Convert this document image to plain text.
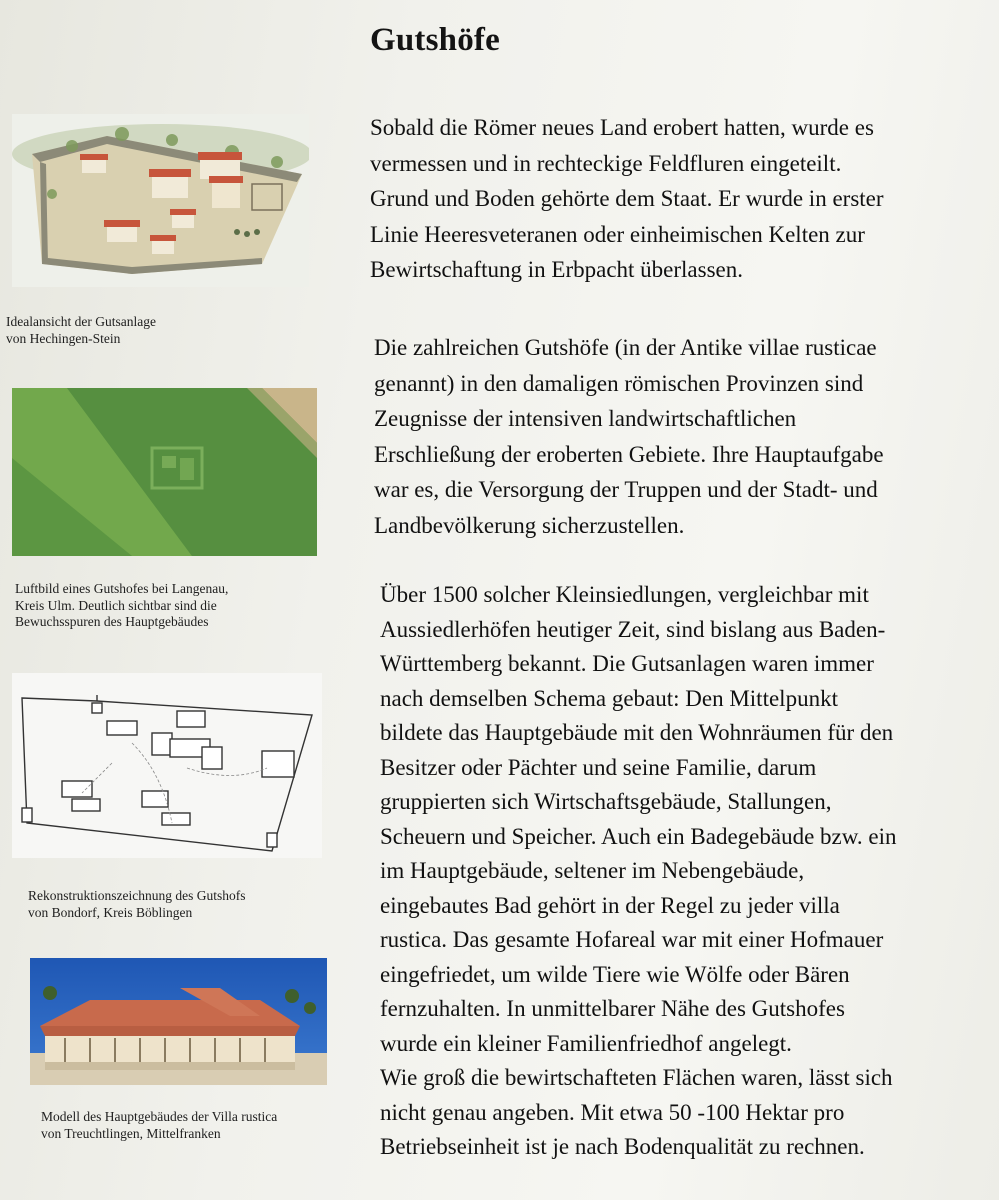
Gutshöfe
Idealansicht der Gutsanlage
von Hechingen-Stein
Luftbild eines Gutshofes bei Langenau,
Kreis Ulm. Deutlich sichtbar sind die
Bewuchsspuren des Hauptgebäudes
Rekonstruktionszeichnung des Gutshofs
von Bondorf, Kreis Böblingen
Modell des Hauptgebäudes der Villa rustica
von Treuchtlingen, Mittelfranken
Sobald die Römer neues Land erobert hatten, wurde es
vermessen und in rechteckige Feldfluren eingeteilt.
Grund und Boden gehörte dem Staat. Er wurde in erster
Linie Heeresveteranen oder einheimischen Kelten zur
Bewirtschaftung in Erbpacht überlassen.
Die zahlreichen Gutshöfe (in der Antike villae rusticae
genannt) in den damaligen römischen Provinzen sind
Zeugnisse der intensiven landwirtschaftlichen
Erschließung der eroberten Gebiete. Ihre Hauptaufgabe
war es, die Versorgung der Truppen und der Stadt- und
Landbevölkerung sicherzustellen.
Über 1500 solcher Kleinsiedlungen, vergleichbar mit
Aussiedlerhöfen heutiger Zeit, sind bislang aus Baden-
Württemberg bekannt. Die Gutsanlagen waren immer
nach demselben Schema gebaut: Den Mittelpunkt
bildete das Hauptgebäude mit den Wohnräumen für den
Besitzer oder Pächter und seine Familie, darum
gruppierten sich Wirtschaftsgebäude, Stallungen,
Scheuern und Speicher. Auch ein Badegebäude bzw. ein
im Hauptgebäude, seltener im Nebengebäude,
eingebautes Bad gehört in der Regel zu jeder villa
rustica. Das gesamte Hofareal war mit einer Hofmauer
eingefriedet, um wilde Tiere wie Wölfe oder Bären
fernzuhalten. In unmittelbarer Nähe des Gutshofes
wurde ein kleiner Familienfriedhof angelegt.
Wie groß die bewirtschafteten Flächen waren, lässt sich
nicht genau angeben. Mit etwa 50 -100 Hektar pro
Betriebseinheit ist je nach Bodenqualität zu rechnen.
